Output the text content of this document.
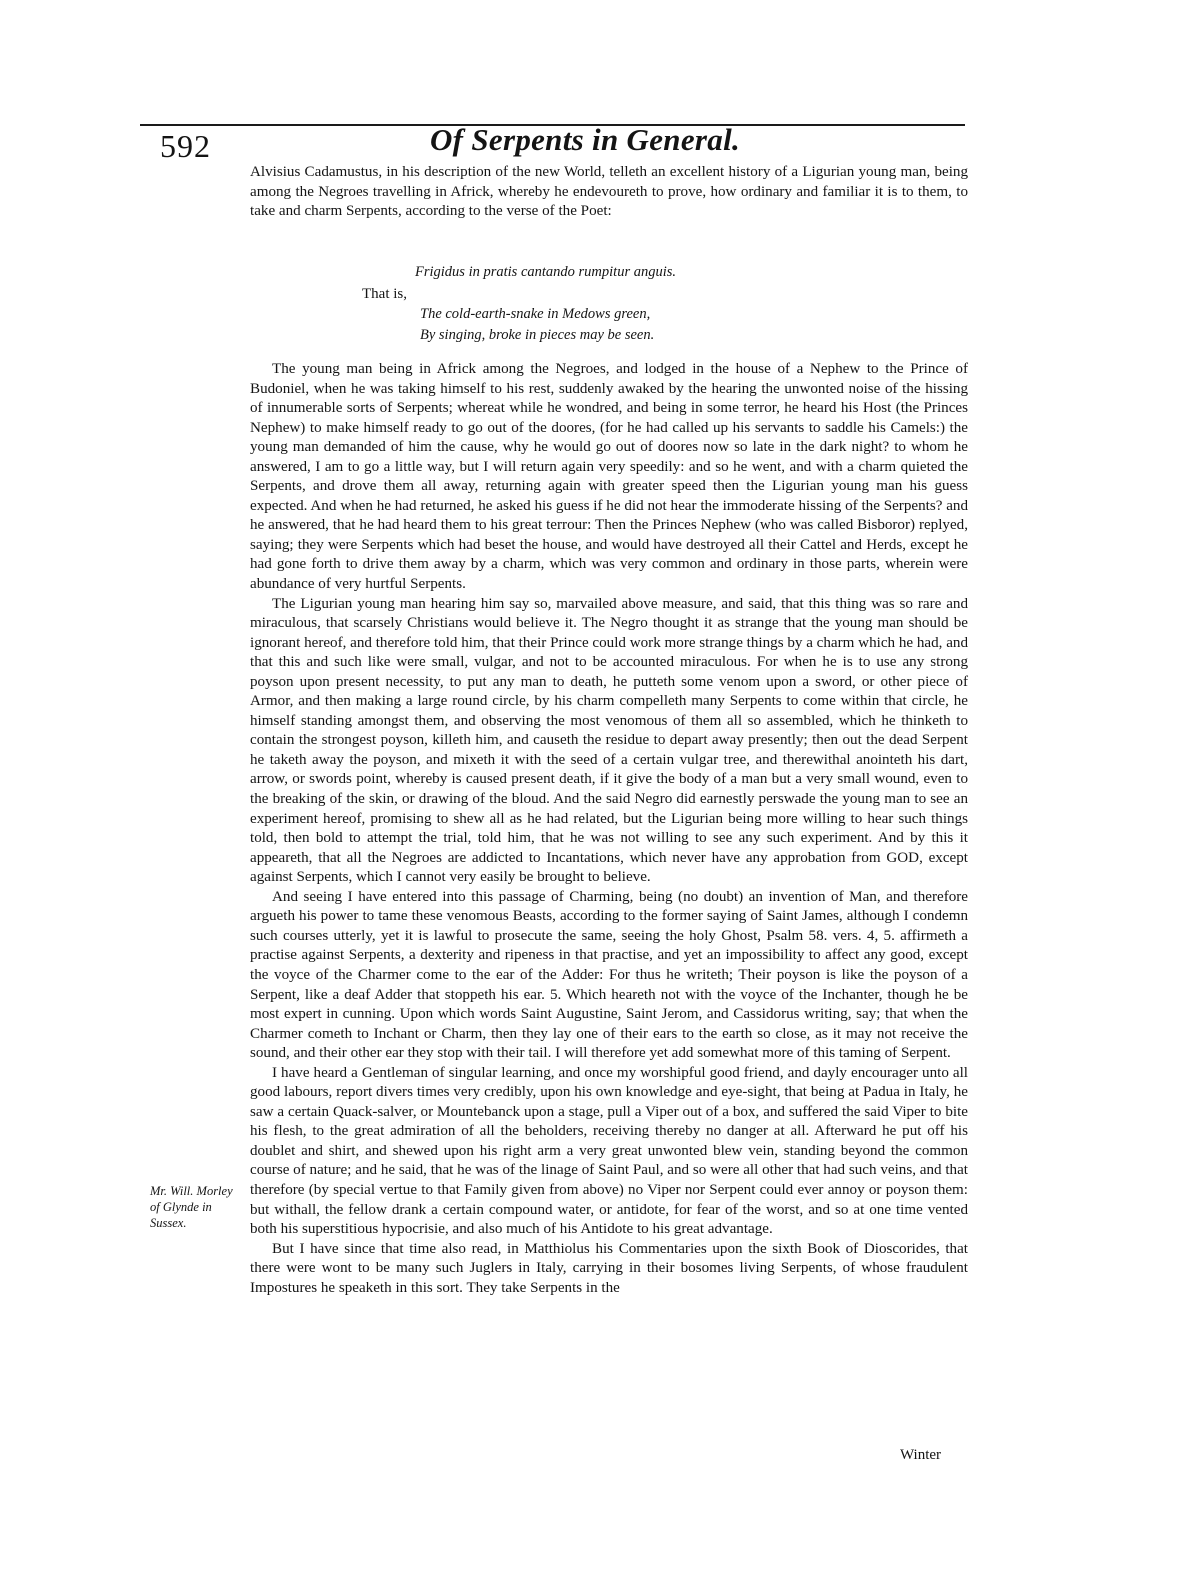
592	Of Serpents in General.

Alvisius Cadamustus, in his description of the new World, telleth an excellent history of a Ligurian young man, being among the Negroes travelling in Africk, whereby he endevoureth to prove, how ordinary and familiar it is to them, to take and charm Serpents, according to the verse of the Poet:

Frigidus in pratis cantando rumpitur anguis.
That is,
The cold-earth-snake in Medows green,
By singing, broke in pieces may be seen.

The young man being in Africk among the Negroes, and lodged in the house of a Nephew to the Prince of Budoniel, when he was taking himself to his rest, suddenly awaked by the hearing the unwonted noise of the hissing of innumerable sorts of Serpents; whereat while he wondred, and being in some terror, he heard his Host (the Princes Nephew) to make himself ready to go out of the doores, (for he had called up his servants to saddle his Camels:) the young man demanded of him the cause, why he would go out of doores now so late in the dark night? to whom he answered, I am to go a little way, but I will return again very speedily: and so he went, and with a charm quieted the Serpents, and drove them all away, returning again with greater speed then the Ligurian young man his guess expected. And when he had returned, he asked his guess if he did not hear the immoderate hissing of the Serpents? and he answered, that he had heard them to his great terrour: Then the Princes Nephew (who was called Bisboror) replyed, saying; they were Serpents which had beset the house, and would have destroyed all their Cattel and Herds, except he had gone forth to drive them away by a charm, which was very common and ordinary in those parts, wherein were abundance of very hurtful Serpents.

The Ligurian young man hearing him say so, marvailed above measure, and said, that this thing was so rare and miraculous, that scarsely Christians would believe it. The Negro thought it as strange that the young man should be ignorant hereof, and therefore told him, that their Prince could work more strange things by a charm which he had, and that this and such like were small, vulgar, and not to be accounted miraculous. For when he is to use any strong poyson upon present necessity, to put any man to death, he putteth some venom upon a sword, or other piece of Armor, and then making a large round circle, by his charm compelleth many Serpents to come within that circle, he himself standing amongst them, and observing the most venomous of them all so assembled, which he thinketh to contain the strongest poyson, killeth him, and causeth the residue to depart away presently; then out the dead Serpent he taketh away the poyson, and mixeth it with the seed of a certain vulgar tree, and therewithal anointeth his dart, arrow, or swords point, whereby is caused present death, if it give the body of a man but a very small wound, even to the breaking of the skin, or drawing of the bloud. And the said Negro did earnestly perswade the young man to see an experiment hereof, promising to shew all as he had related, but the Ligurian being more willing to hear such things told, then bold to attempt the trial, told him, that he was not willing to see any such experiment. And by this it appeareth, that all the Negroes are addicted to Incantations, which never have any approbation from GOD, except against Serpents, which I cannot very easily be brought to believe.

And seeing I have entered into this passage of Charming, being (no doubt) an invention of Man, and therefore argueth his power to tame these venomous Beasts, according to the former saying of Saint James, although I condemn such courses utterly, yet it is lawful to prosecute the same, seeing the holy Ghost, Psalm 58. vers. 4, 5. affirmeth a practise against Serpents, a dexterity and ripeness in that practise, and yet an impossibility to affect any good, except the voyce of the Charmer come to the ear of the Adder: For thus he writeth; Their poyson is like the poyson of a Serpent, like a deaf Adder that stoppeth his ear. 5. Which heareth not with the voyce of the Inchanter, though he be most expert in cunning. Upon which words Saint Augustine, Saint Jerom, and Cassidorus writing, say; that when the Charmer cometh to Inchant or Charm, then they lay one of their ears to the earth so close, as it may not receive the sound, and their other ear they stop with their tail. I will therefore yet add somewhat more of this taming of Serpent.

I have heard a Gentleman of singular learning, and once my worshipful good friend, and dayly encourager unto all good labours, report divers times very credibly, upon his own knowledge and eye-sight, that being at Padua in Italy, he saw a certain Quack-salver, or Mountebanck upon a stage, pull a Viper out of a box, and suffered the said Viper to bite his flesh, to the great admiration of all the beholders, receiving thereby no danger at all. Afterward he put off his doublet and shirt, and shewed upon his right arm a very great unwonted blew vein, standing beyond the common course of nature; and he said, that he was of the linage of Saint Paul, and so were all other that had such veins, and that therefore (by special vertue to that Family given from above) no Viper nor Serpent could ever annoy or poyson them: but withall, the fellow drank a certain compound water, or antidote, for fear of the worst, and so at one time vented both his superstitious hypocrisie, and also much of his Antidote to his great advantage.

But I have since that time also read, in Matthiolus his Commentaries upon the sixth Book of Dioscorides, that there were wont to be many such Juglers in Italy, carrying in their bosomes living Serpents, of whose fraudulent Impostures he speaketh in this sort. They take Serpents in the

Mr. Will. Morley of Glynde in Sussex.
Winter
